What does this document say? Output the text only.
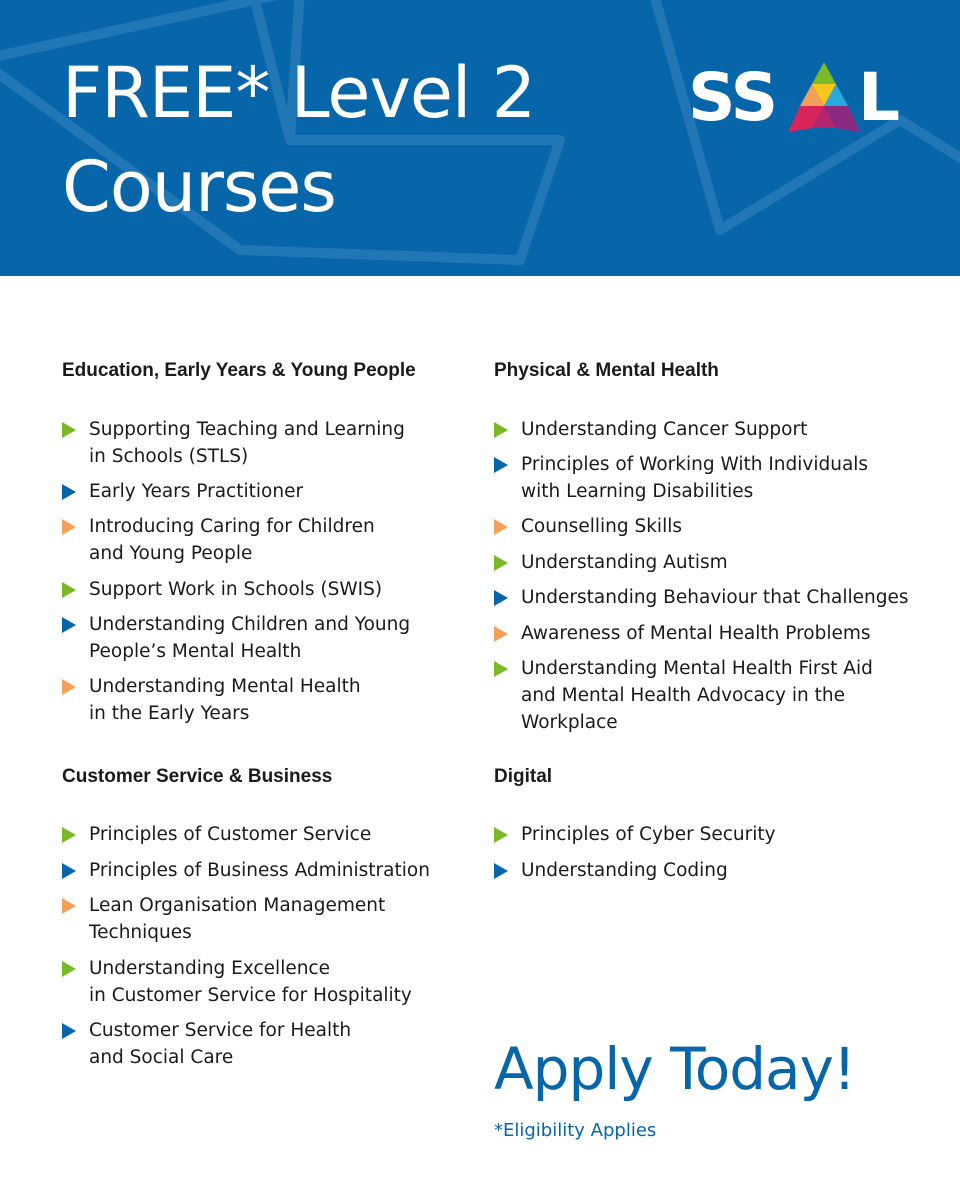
FREE* Level 2
Courses
SS L
Education, Early Years & Young People
Supporting Teaching and Learning
in Schools (STLS)
Early Years Practitioner
Introducing Caring for Children
and Young People
Support Work in Schools (SWIS)
Understanding Children and Young
People’s Mental Health
Understanding Mental Health
in the Early Years
Customer Service & Business
Principles of Customer Service
Principles of Business Administration
Lean Organisation Management
Techniques
Understanding Excellence
in Customer Service for Hospitality
Customer Service for Health
and Social Care
Physical & Mental Health
Understanding Cancer Support
Principles of Working With Individuals
with Learning Disabilities
Counselling Skills
Understanding Autism
Understanding Behaviour that Challenges
Awareness of Mental Health Problems
Understanding Mental Health First Aid
and Mental Health Advocacy in the
Workplace
Digital
Principles of Cyber Security
Understanding Coding
Apply Today!
*Eligibility Applies
